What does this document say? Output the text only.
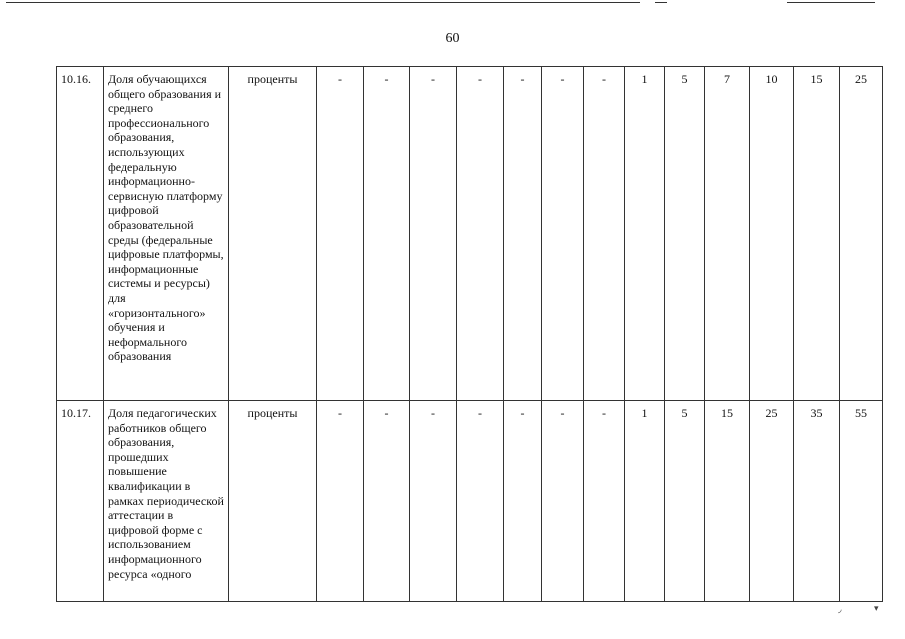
60
10.16.	Доля обучающихся общего образования и среднего профессионального образования, использующих федеральную информационно-сервисную платформу цифровой образовательной среды (федеральные цифровые платформы, информационные системы и ресурсы) для «горизонтального» обучения и неформального образования	проценты	-	-	-	-	-	-	-	1	5	7	10	15	25
10.17.	Доля педагогических работников общего образования, прошедших повышение квалификации в рамках периодической аттестации в цифровой форме с использованием информационного ресурса «одного	проценты	-	-	-	-	-	-	-	1	5	15	25	35	55
◞	▾
